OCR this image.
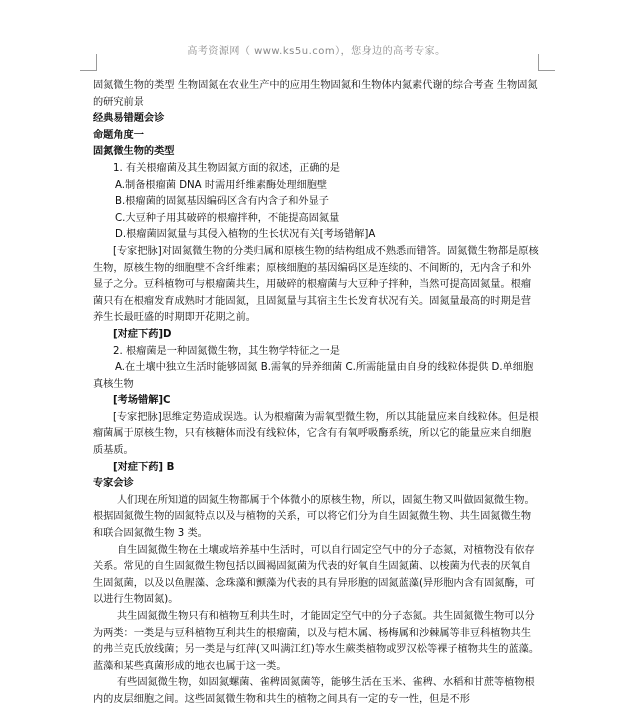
高考资源网（ www.ks5u.com），您身边的高考专家。

固氮微生物的类型 生物固氮在农业生产中的应用生物固氮和生物体内氮素代谢的综合考查 生物固氮的研究前景

经典易错题会诊

命题角度一

固氮微生物的类型

1. 有关根瘤菌及其生物固氮方面的叙述，正确的是

A.制备根瘤菌 DNA 时需用纤维素酶处理细胞壁

B.根瘤菌的固氮基因编码区含有内含子和外显子

C.大豆种子用其破碎的根瘤拌种，不能提高固氮量

D.根瘤菌固氮量与其侵入植物的生长状况有关[考场错解]A

[专家把脉]对固氮微生物的分类归属和原核生物的结构组成不熟悉而错答。固氮微生物都是原核生物，原核生物的细胞壁不含纤维素；原核细胞的基因编码区是连续的、不间断的，无内含子和外显子之分。豆科植物可与根瘤菌共生，用破碎的根瘤菌与大豆种子拌种，当然可提高固氮量。根瘤菌只有在根瘤发育成熟时才能固氮，且固氮量与其宿主生长发育状况有关。固氮量最高的时期是营养生长最旺盛的时期即开花期之前。

[对症下药]D

2. 根瘤菌是一种固氮微生物，其生物学特征之一是

A.在土壤中独立生活时能够固氮 B.需氧的异养细菌 C.所需能量由自身的线粒体提供 D.单细胞真核生物

[考场错解]C

[专家把脉]思维定势造成误选。认为根瘤菌为需氧型微生物，所以其能量应来自线粒体。但是根瘤菌属于原核生物，只有核糖体而没有线粒体，它含有有氧呼吸酶系统，所以它的能量应来自细胞质基质。

[对症下药] B

专家会诊

人们现在所知道的固氮生物都属于个体微小的原核生物，所以，固氮生物又叫做固氮微生物。根据固氮微生物的固氮特点以及与植物的关系，可以将它们分为自生固氮微生物、共生固氮微生物和联合固氮微生物 3 类。

自生固氮微生物在土壤或培养基中生活时，可以自行固定空气中的分子态氮，对植物没有依存关系。常见的自生固氮微生物包括以圆褐固氮菌为代表的好氧自生固氮菌、以梭菌为代表的厌氧自生固氮菌，以及以鱼腥藻、念珠藻和颤藻为代表的具有异形胞的固氮蓝藻(异形胞内含有固氮酶，可以进行生物固氮)。

共生固氮微生物只有和植物互利共生时，才能固定空气中的分子态氮。共生固氮微生物可以分为两类：一类是与豆科植物互利共生的根瘤菌，以及与桤木属、杨梅属和沙棘属等非豆科植物共生的弗兰克氏放线菌；另一类是与红萍(又叫满江红)等水生蕨类植物或罗汉松等裸子植物共生的蓝藻。蓝藻和某些真菌形成的地衣也属于这一类。

有些固氮微生物，如固氮螺菌、雀稗固氮菌等，能够生活在玉米、雀稗、水稻和甘蔗等植物根内的皮层细胞之间。这些固氮微生物和共生的植物之间具有一定的专一性，但是不形
